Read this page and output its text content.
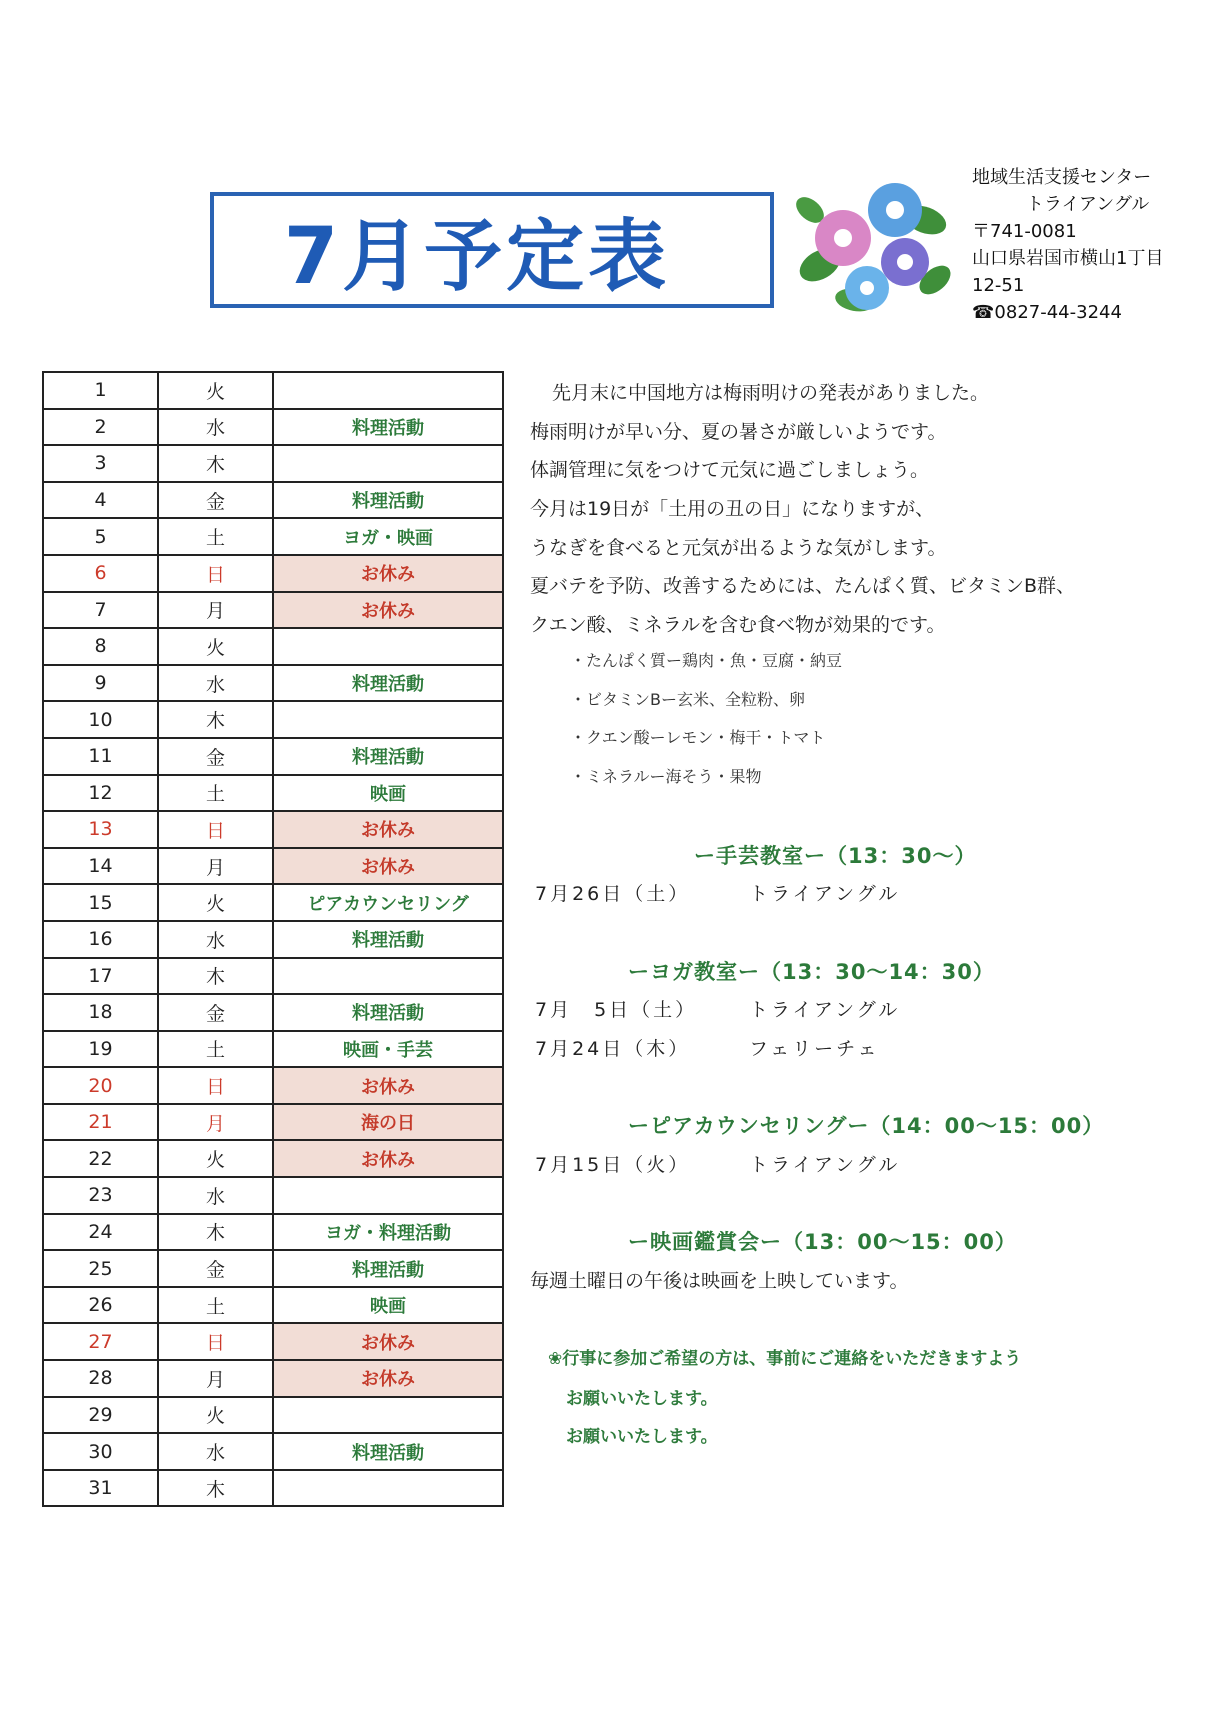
7月予定表
地域生活支援センター
トライアングル
〒741-0081
山口県岩国市横山1丁目
12-51
☎0827-44-3244
1	火	
2	水	料理活動
3	木	
4	金	料理活動
5	土	ヨガ・映画
6	日	お休み
7	月	お休み
8	火	
9	水	料理活動
10	木	
11	金	料理活動
12	土	映画
13	日	お休み
14	月	お休み
15	火	ピアカウンセリング
16	水	料理活動
17	木	
18	金	料理活動
19	土	映画・手芸
20	日	お休み
21	月	海の日
22	火	お休み
23	水	
24	木	ヨガ・料理活動
25	金	料理活動
26	土	映画
27	日	お休み
28	月	お休み
29	火	
30	水	料理活動
31	木	

先月末に中国地方は梅雨明けの発表がありました。

梅雨明けが早い分、夏の暑さが厳しいようです。

体調管理に気をつけて元気に過ごしましょう。

今月は19日が「土用の丑の日」になりますが、

うなぎを食べると元気が出るような気がします。

夏バテを予防、改善するためには、たんぱく質、ビタミンB群、

クエン酸、ミネラルを含む食べ物が効果的です。

・たんぱく質ー鶏肉・魚・豆腐・納豆
・ビタミンBー玄米、全粒粉、卵
・クエン酸ーレモン・梅干・トマト
・ミネラルー海そう・果物
ー手芸教室ー（13：30〜）
7月26日（土）	トライアングル
ーヨガ教室ー（13：30〜14：30）
7月　5日（土）	トライアングル
7月24日（木）	フェリーチェ
ーピアカウンセリングー（14：00〜15：00）
7月15日（火）	トライアングル
ー映画鑑賞会ー（13：00〜15：00）
毎週土曜日の午後は映画を上映しています。
❀行事に参加ご希望の方は、事前にご連絡をいただきますよう
お願いいたします。
お願いいたします。
